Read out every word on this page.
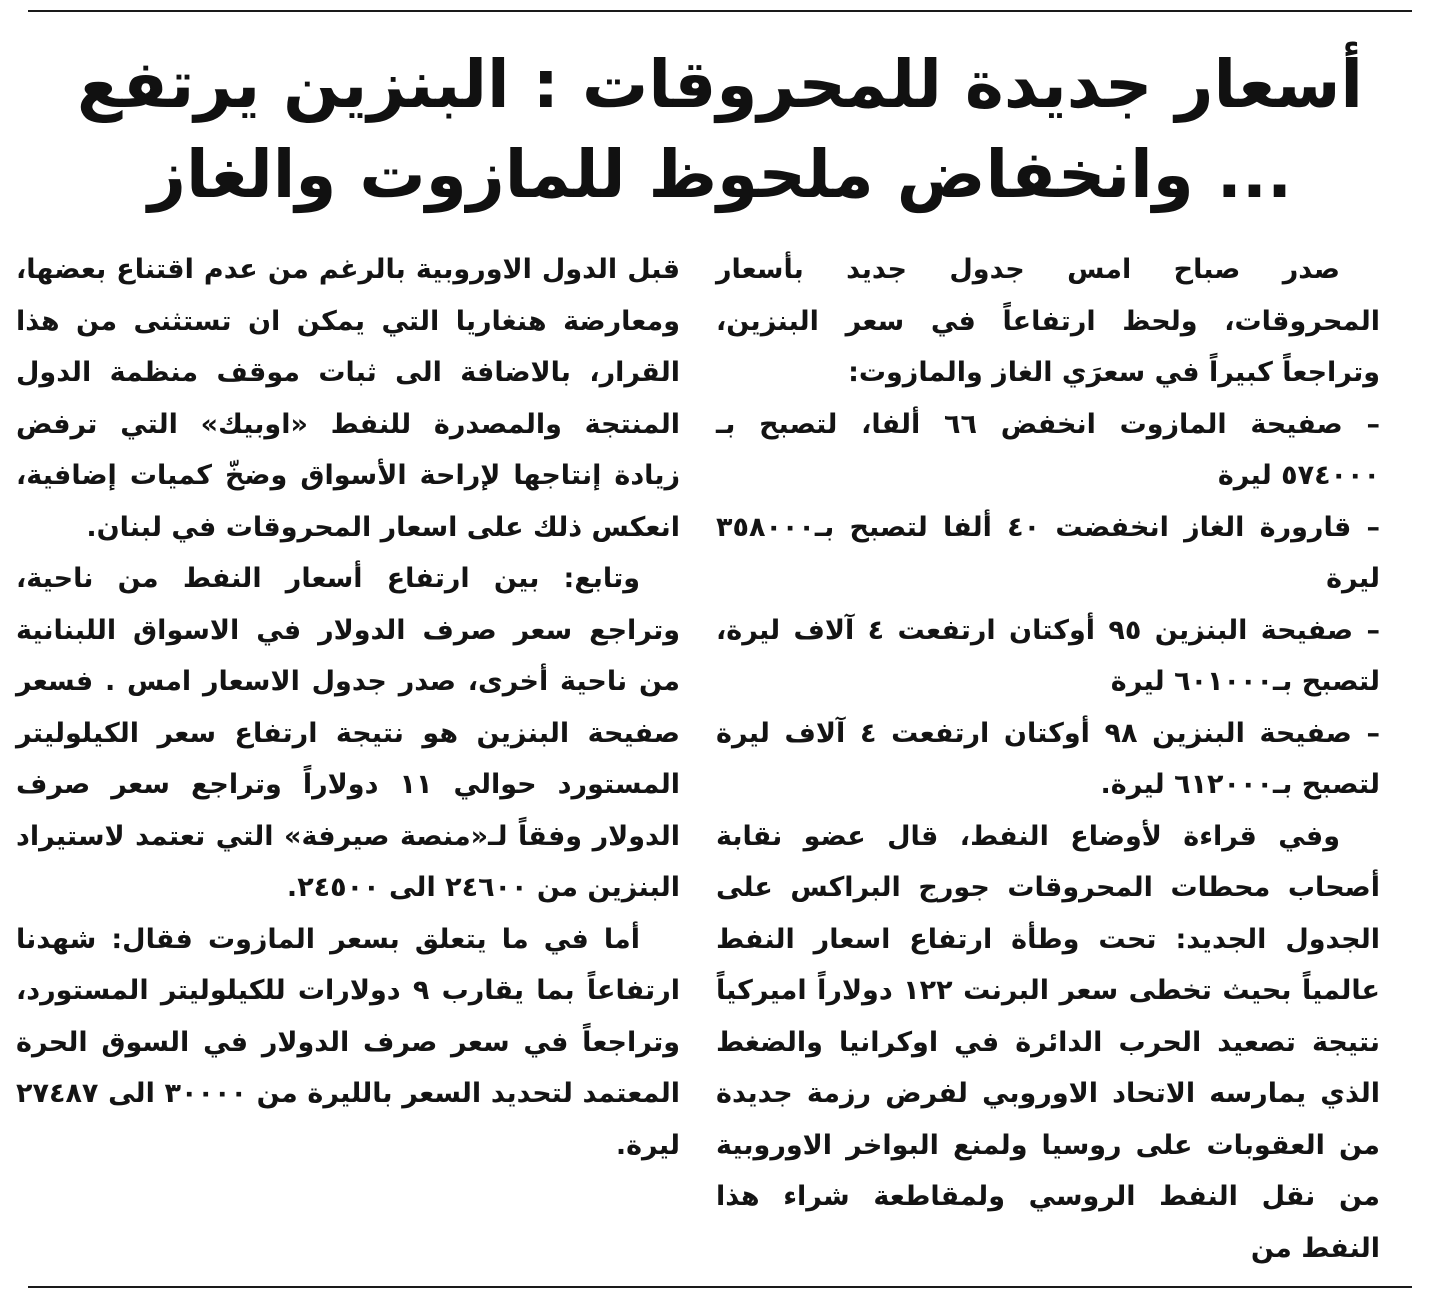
أسعار جديدة للمحروقات : البنزين يرتفع
... وانخفاض ملحوظ للمازوت والغاز

صدر صباح امس جدول جديد بأسعار المحروقات، ولحظ ارتفاعاً في سعر البنزين، وتراجعاً كبيراً في سعرَي الغاز والمازوت:

– صفيحة المازوت انخفض ٦٦ ألفا، لتصبح بـ ٥٧٤٠٠٠ ليرة

– قارورة الغاز انخفضت ٤٠ ألفا لتصبح بـ٣٥٨٠٠٠ ليرة

– صفيحة البنزين ٩٥ أوكتان ارتفعت ٤ آلاف ليرة، لتصبح بـ٦٠١٠٠٠ ليرة

– صفيحة البنزين ٩٨ أوكتان ارتفعت ٤ آلاف ليرة لتصبح بـ٦١٢٠٠٠ ليرة.

وفي قراءة لأوضاع النفط، قال عضو نقابة أصحاب محطات المحروقات جورج البراكس على الجدول الجديد: تحت وطأة ارتفاع اسعار النفط عالمياً بحيث تخطى سعر البرنت ١٢٢ دولاراً اميركياً نتيجة تصعيد الحرب الدائرة في اوكرانيا والضغط الذي يمارسه الاتحاد الاوروبي لفرض رزمة جديدة من العقوبات على روسيا ولمنع البواخر الاوروبية من نقل النفط الروسي ولمقاطعة شراء هذا النفط من

قبل الدول الاوروبية بالرغم من عدم اقتناع بعضها، ومعارضة هنغاريا التي يمكن ان تستثنى من هذا القرار، بالاضافة الى ثبات موقف منظمة الدول المنتجة والمصدرة للنفط «اوبيك» التي ترفض زيادة إنتاجها لإراحة الأسواق وضخّ كميات إضافية، انعكس ذلك على اسعار المحروقات في لبنان.

وتابع: بين ارتفاع أسعار النفط من ناحية، وتراجع سعر صرف الدولار في الاسواق اللبنانية من ناحية أخرى، صدر جدول الاسعار امس . فسعر صفيحة البنزين هو نتيجة ارتفاع سعر الكيلوليتر المستورد حوالي ١١ دولاراً وتراجع سعر صرف الدولار وفقاً لـ«منصة صيرفة» التي تعتمد لاستيراد البنزين من ٢٤٦٠٠ الى ٢٤٥٠٠.

أما في ما يتعلق بسعر المازوت فقال: شهدنا ارتفاعاً بما يقارب ٩ دولارات للكيلوليتر المستورد، وتراجعاً في سعر صرف الدولار في السوق الحرة المعتمد لتحديد السعر بالليرة من ٣٠٠٠٠ الى ٢٧٤٨٧ ليرة.
